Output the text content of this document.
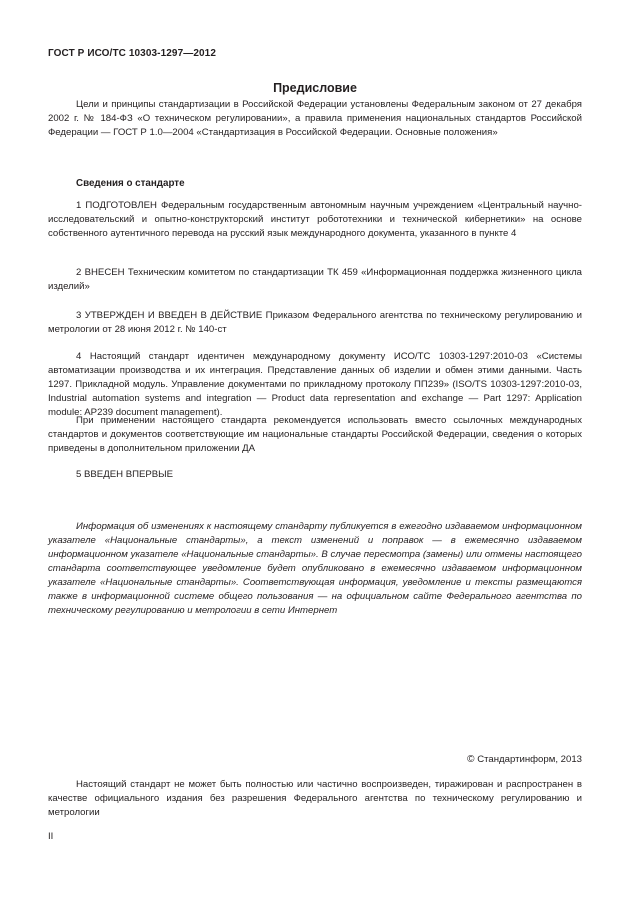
ГОСТ Р ИСО/ТС 10303-1297—2012
Предисловие

Цели и принципы стандартизации в Российской Федерации установлены Федеральным законом от 27 декабря 2002 г. № 184-ФЗ «О техническом регулировании», а правила применения национальных стандартов Российской Федерации — ГОСТ Р 1.0—2004 «Стандартизация в Российской Федерации. Основные положения»

Сведения о стандарте

1 ПОДГОТОВЛЕН Федеральным государственным автономным научным учреждением «Центральный научно-исследовательский и опытно-конструкторский институт робототехники и технической кибернетики» на основе собственного аутентичного перевода на русский язык международного документа, указанного в пункте 4

2 ВНЕСЕН Техническим комитетом по стандартизации ТК 459 «Информационная поддержка жизненного цикла изделий»

3 УТВЕРЖДЕН И ВВЕДЕН В ДЕЙСТВИЕ Приказом Федерального агентства по техническому регулированию и метрологии от 28 июня 2012 г. № 140-ст

4 Настоящий стандарт идентичен международному документу ИСО/ТС 10303-1297:2010-03 «Системы автоматизации производства и их интеграция. Представление данных об изделии и обмен этими данными. Часть 1297. Прикладной модуль. Управление документами по прикладному протоколу ПП239» (ISO/TS 10303-1297:2010-03, Industrial automation systems and integration — Product data representation and exchange — Part 1297: Application module: AP239 document management).

При применении настоящего стандарта рекомендуется использовать вместо ссылочных международных стандартов и документов соответствующие им национальные стандарты Российской Федерации, сведения о которых приведены в дополнительном приложении ДА

5 ВВЕДЕН ВПЕРВЫЕ

Информация об изменениях к настоящему стандарту публикуется в ежегодно издаваемом информационном указателе «Национальные стандарты», а текст изменений и поправок — в ежемесячно издаваемом информационном указателе «Национальные стандарты». В случае пересмотра (замены) или отмены настоящего стандарта соответствующее уведомление будет опубликовано в ежемесячно издаваемом информационном указателе «Национальные стандарты». Соответствующая информация, уведомление и тексты размещаются также в информационной системе общего пользования — на официальном сайте Федерального агентства по техническому регулированию и метрологии в сети Интернет

© Стандартинформ, 2013

Настоящий стандарт не может быть полностью или частично воспроизведен, тиражирован и распространен в качестве официального издания без разрешения Федерального агентства по техническому регулированию и метрологии

II
